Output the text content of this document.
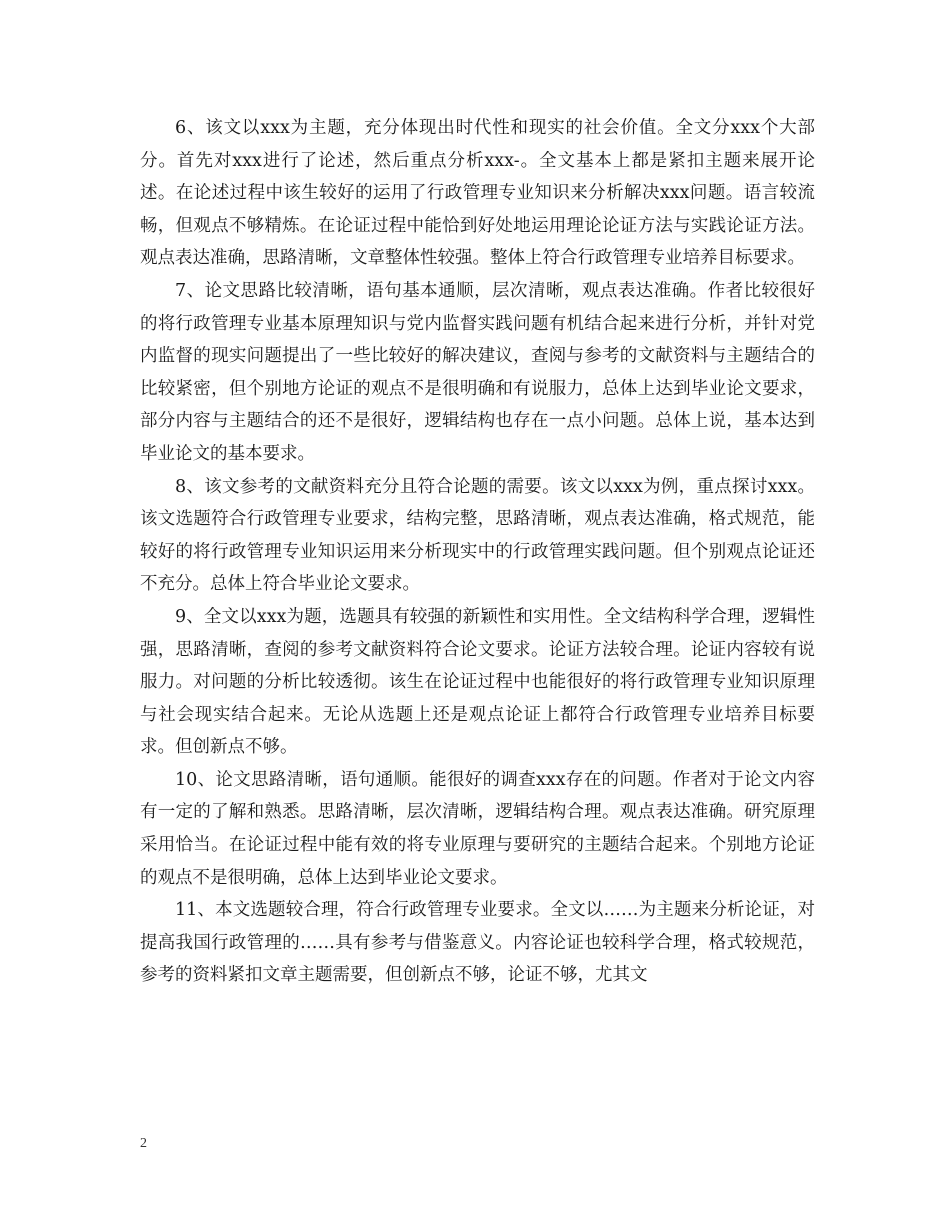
6、该文以xxx为主题，充分体现出时代性和现实的社会价值。全文分xxx个大部分。首先对xxx进行了论述，然后重点分析xxx-。全文基本上都是紧扣主题来展开论述。在论述过程中该生较好的运用了行政管理专业知识来分析解决xxx问题。语言较流畅，但观点不够精炼。在论证过程中能恰到好处地运用理论论证方法与实践论证方法。观点表达准确，思路清晰，文章整体性较强。整体上符合行政管理专业培养目标要求。

7、论文思路比较清晰，语句基本通顺，层次清晰，观点表达准确。作者比较很好的将行政管理专业基本原理知识与党内监督实践问题有机结合起来进行分析，并针对党内监督的现实问题提出了一些比较好的解决建议，查阅与参考的文献资料与主题结合的比较紧密，但个别地方论证的观点不是很明确和有说服力，总体上达到毕业论文要求，部分内容与主题结合的还不是很好，逻辑结构也存在一点小问题。总体上说，基本达到毕业论文的基本要求。

8、该文参考的文献资料充分且符合论题的需要。该文以xxx为例，重点探讨xxx。该文选题符合行政管理专业要求，结构完整，思路清晰，观点表达准确，格式规范，能较好的将行政管理专业知识运用来分析现实中的行政管理实践问题。但个别观点论证还不充分。总体上符合毕业论文要求。

9、全文以xxx为题，选题具有较强的新颖性和实用性。全文结构科学合理，逻辑性强，思路清晰，查阅的参考文献资料符合论文要求。论证方法较合理。论证内容较有说服力。对问题的分析比较透彻。该生在论证过程中也能很好的将行政管理专业知识原理与社会现实结合起来。无论从选题上还是观点论证上都符合行政管理专业培养目标要求。但创新点不够。

10、论文思路清晰，语句通顺。能很好的调查xxx存在的问题。作者对于论文内容有一定的了解和熟悉。思路清晰，层次清晰，逻辑结构合理。观点表达准确。研究原理采用恰当。在论证过程中能有效的将专业原理与要研究的主题结合起来。个别地方论证的观点不是很明确，总体上达到毕业论文要求。

11、本文选题较合理，符合行政管理专业要求。全文以……为主题来分析论证，对提高我国行政管理的……具有参考与借鉴意义。内容论证也较科学合理，格式较规范，参考的资料紧扣文章主题需要，但创新点不够，论证不够，尤其文

2
